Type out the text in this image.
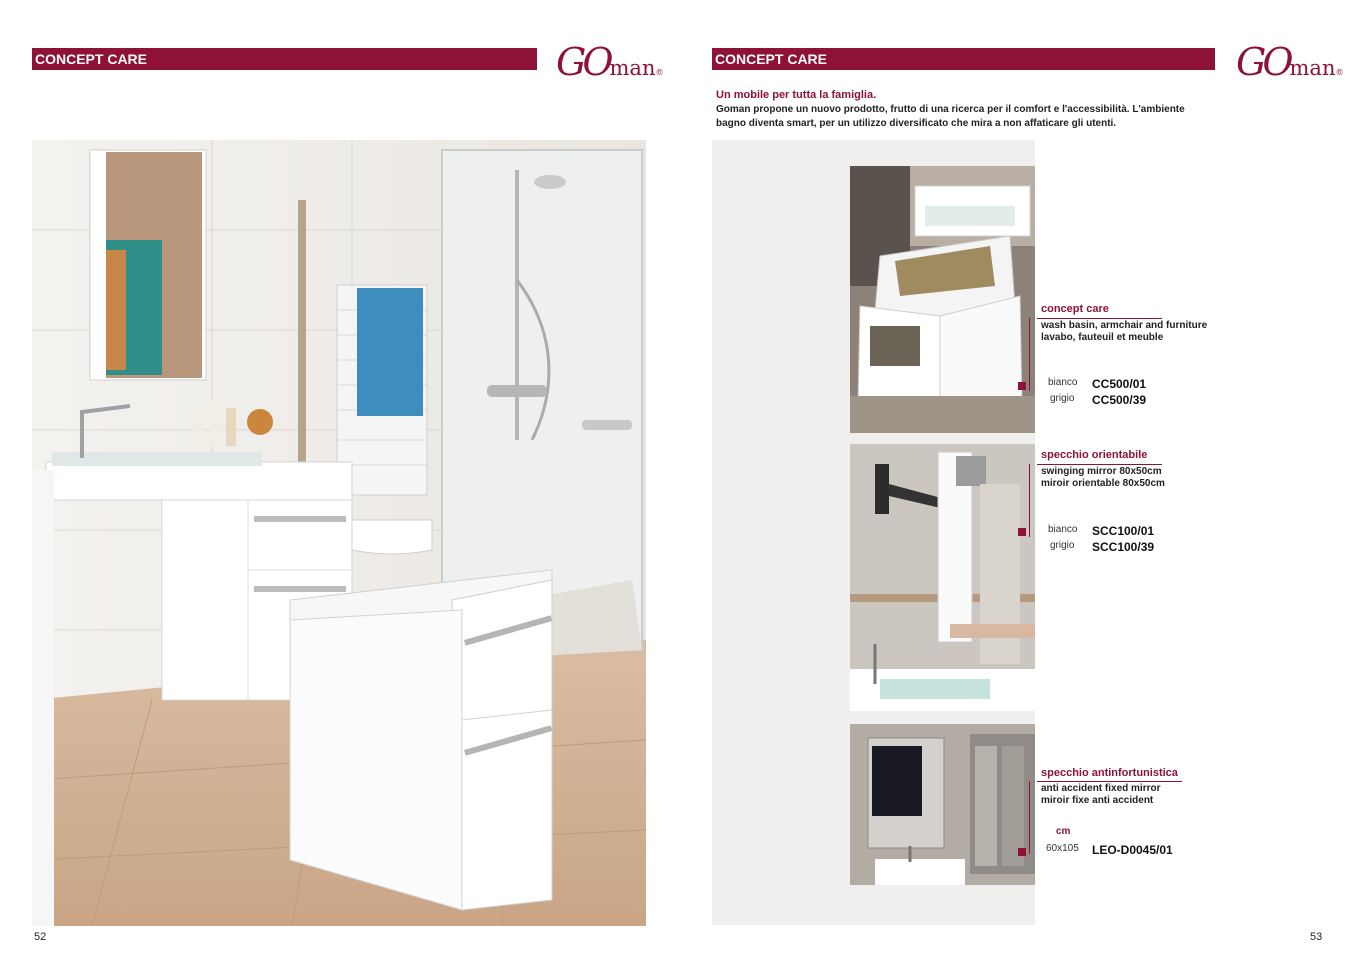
CONCEPT CARE	GOman®
52
CONCEPT CARE	GOman®
Un mobile per tutta la famiglia.
Goman propone un nuovo prodotto, frutto di una ricerca per il comfort e l'accessibilità. L'ambiente
bagno diventa smart, per un utilizzo diversificato che mira a non affaticare gli utenti.
concept care
wash basin, armchair and furniture
lavabo, fauteuil et meuble
bianco CC500/01
grigio CC500/39
specchio orientabile
swinging mirror 80x50cm
miroir orientable 80x50cm
bianco SCC100/01
grigio SCC100/39
specchio antinfortunistica
anti accident fixed mirror
miroir fixe anti accident
cm
60x105 LEO-D0045/01
53
